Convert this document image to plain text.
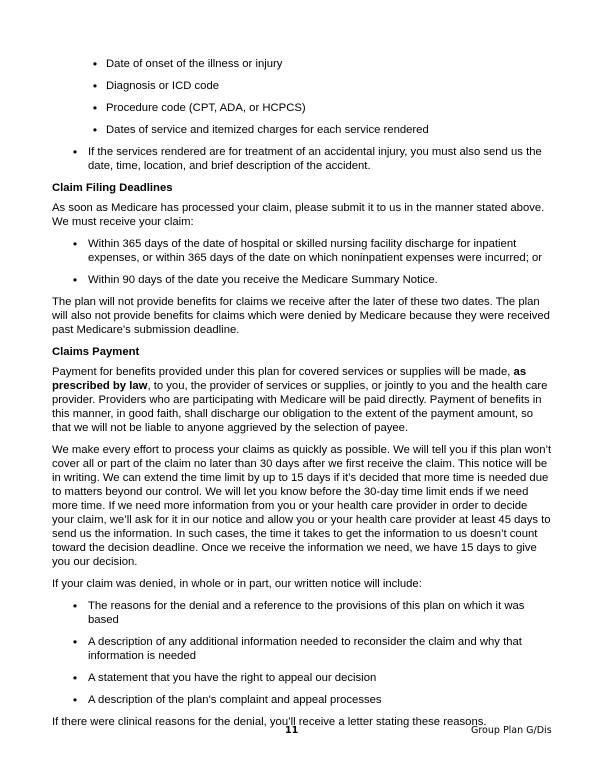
• Date of onset of the illness or injury
• Diagnosis or ICD code
• Procedure code (CPT, ADA, or HCPCS)
• Dates of service and itemized charges for each service rendered
• If the services rendered are for treatment of an accidental injury, you must also send us the date, time, location, and brief description of the accident.
Claim Filing Deadlines

As soon as Medicare has processed your claim, please submit it to us in the manner stated above. We must receive your claim:

• Within 365 days of the date of hospital or skilled nursing facility discharge for inpatient expenses, or within 365 days of the date on which noninpatient expenses were incurred; or
• Within 90 days of the date you receive the Medicare Summary Notice.

The plan will not provide benefits for claims we receive after the later of these two dates. The plan will also not provide benefits for claims which were denied by Medicare because they were received past Medicare's submission deadline.

Claims Payment

Payment for benefits provided under this plan for covered services or supplies will be made, as prescribed by law, to you, the provider of services or supplies, or jointly to you and the health care provider. Providers who are participating with Medicare will be paid directly. Payment of benefits in this manner, in good faith, shall discharge our obligation to the extent of the payment amount, so that we will not be liable to anyone aggrieved by the selection of payee.

We make every effort to process your claims as quickly as possible. We will tell you if this plan won’t cover all or part of the claim no later than 30 days after we first receive the claim. This notice will be in writing. We can extend the time limit by up to 15 days if it’s decided that more time is needed due to matters beyond our control. We will let you know before the 30-day time limit ends if we need more time. If we need more information from you or your health care provider in order to decide your claim, we’ll ask for it in our notice and allow you or your health care provider at least 45 days to send us the information. In such cases, the time it takes to get the information to us doesn’t count toward the decision deadline. Once we receive the information we need, we have 15 days to give you our decision.

If your claim was denied, in whole or in part, our written notice will include:

• The reasons for the denial and a reference to the provisions of this plan on which it was based
• A description of any additional information needed to reconsider the claim and why that information is needed
• A statement that you have the right to appeal our decision
• A description of the plan's complaint and appeal processes

If there were clinical reasons for the denial, you’ll receive a letter stating these reasons.

11	Group Plan G/Dis
